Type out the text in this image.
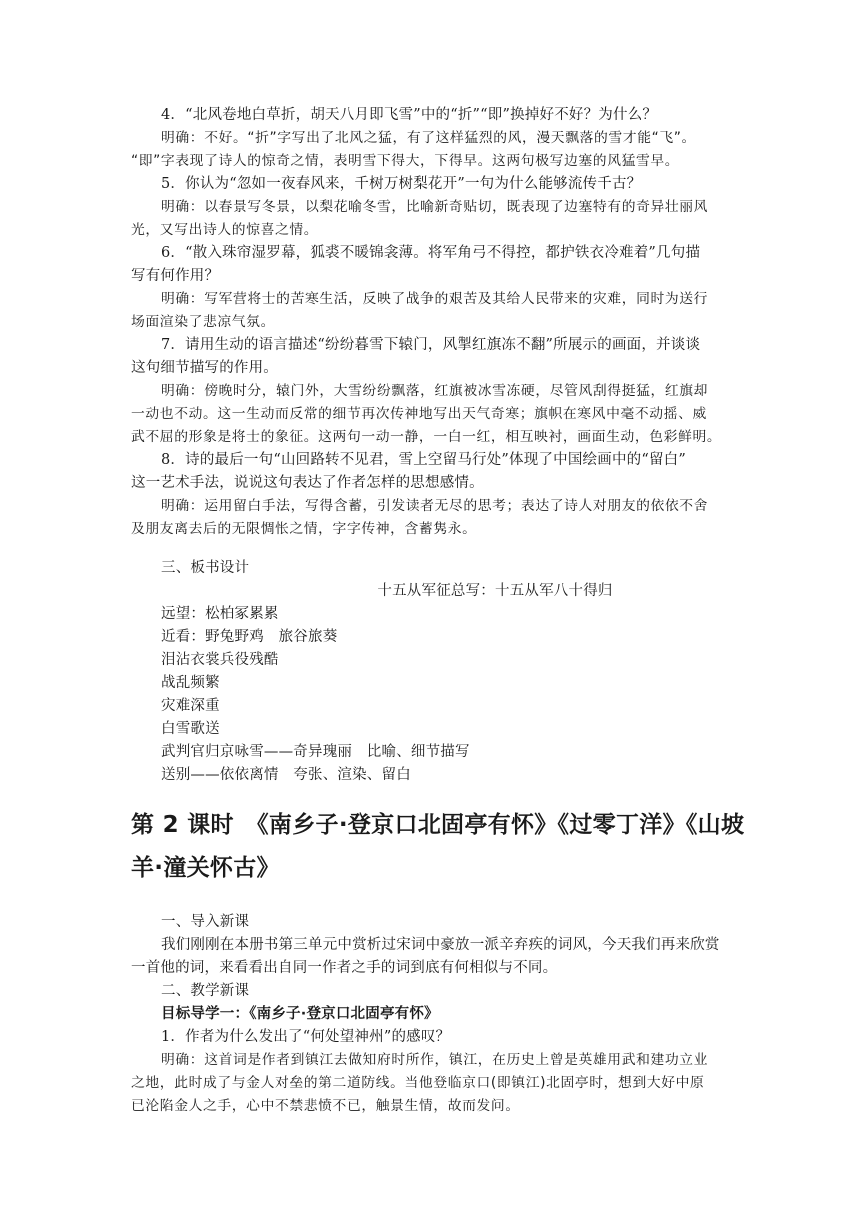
4．“北风卷地白草折，胡天八月即飞雪”中的“折”“即”换掉好不好？为什么？
明确：不好。“折”字写出了北风之猛，有了这样猛烈的风，漫天飘落的雪才能“飞”。
“即”字表现了诗人的惊奇之情，表明雪下得大，下得早。这两句极写边塞的风猛雪早。
5．你认为“忽如一夜春风来，千树万树梨花开”一句为什么能够流传千古？
明确：以春景写冬景，以梨花喻冬雪，比喻新奇贴切，既表现了边塞特有的奇异壮丽风
光，又写出诗人的惊喜之情。
6．“散入珠帘湿罗幕，狐裘不暖锦衾薄。将军角弓不得控，都护铁衣冷难着”几句描
写有何作用？
明确：写军营将士的苦寒生活，反映了战争的艰苦及其给人民带来的灾难，同时为送行
场面渲染了悲凉气氛。
7．请用生动的语言描述“纷纷暮雪下辕门，风掣红旗冻不翻”所展示的画面，并谈谈
这句细节描写的作用。
明确：傍晚时分，辕门外，大雪纷纷飘落，红旗被冰雪冻硬，尽管风刮得挺猛，红旗却
一动也不动。这一生动而反常的细节再次传神地写出天气奇寒；旗帜在寒风中毫不动摇、威
武不屈的形象是将士的象征。这两句一动一静，一白一红，相互映衬，画面生动，色彩鲜明。
8．诗的最后一句“山回路转不见君，雪上空留马行处”体现了中国绘画中的“留白”
这一艺术手法，说说这句表达了作者怎样的思想感情。
明确：运用留白手法，写得含蓄，引发读者无尽的思考；表达了诗人对朋友的依依不舍
及朋友离去后的无限惆怅之情，字字传神，含蓄隽永。
三、板书设计
十五从军征总写：十五从军八十得归
远望：松柏冢累累
近看：野兔野鸡　旅谷旅葵
泪沾衣裳兵役残酷
战乱频繁
灾难深重
白雪歌送
武判官归京咏雪——奇异瑰丽　比喻、细节描写
送别——依依离情　夸张、渲染、留白
第 2 课时　《南乡子·登京口北固亭有怀》《过零丁洋》《山坡
羊·潼关怀古》
一、导入新课
我们刚刚在本册书第三单元中赏析过宋词中豪放一派辛弃疾的词风，今天我们再来欣赏
一首他的词，来看看出自同一作者之手的词到底有何相似与不同。
二、教学新课
目标导学一：《南乡子·登京口北固亭有怀》
1．作者为什么发出了“何处望神州”的感叹？
明确：这首词是作者到镇江去做知府时所作，镇江，在历史上曾是英雄用武和建功立业
之地，此时成了与金人对垒的第二道防线。当他登临京口(即镇江)北固亭时，想到大好中原
已沦陷金人之手，心中不禁悲愤不已，触景生情，故而发问。
